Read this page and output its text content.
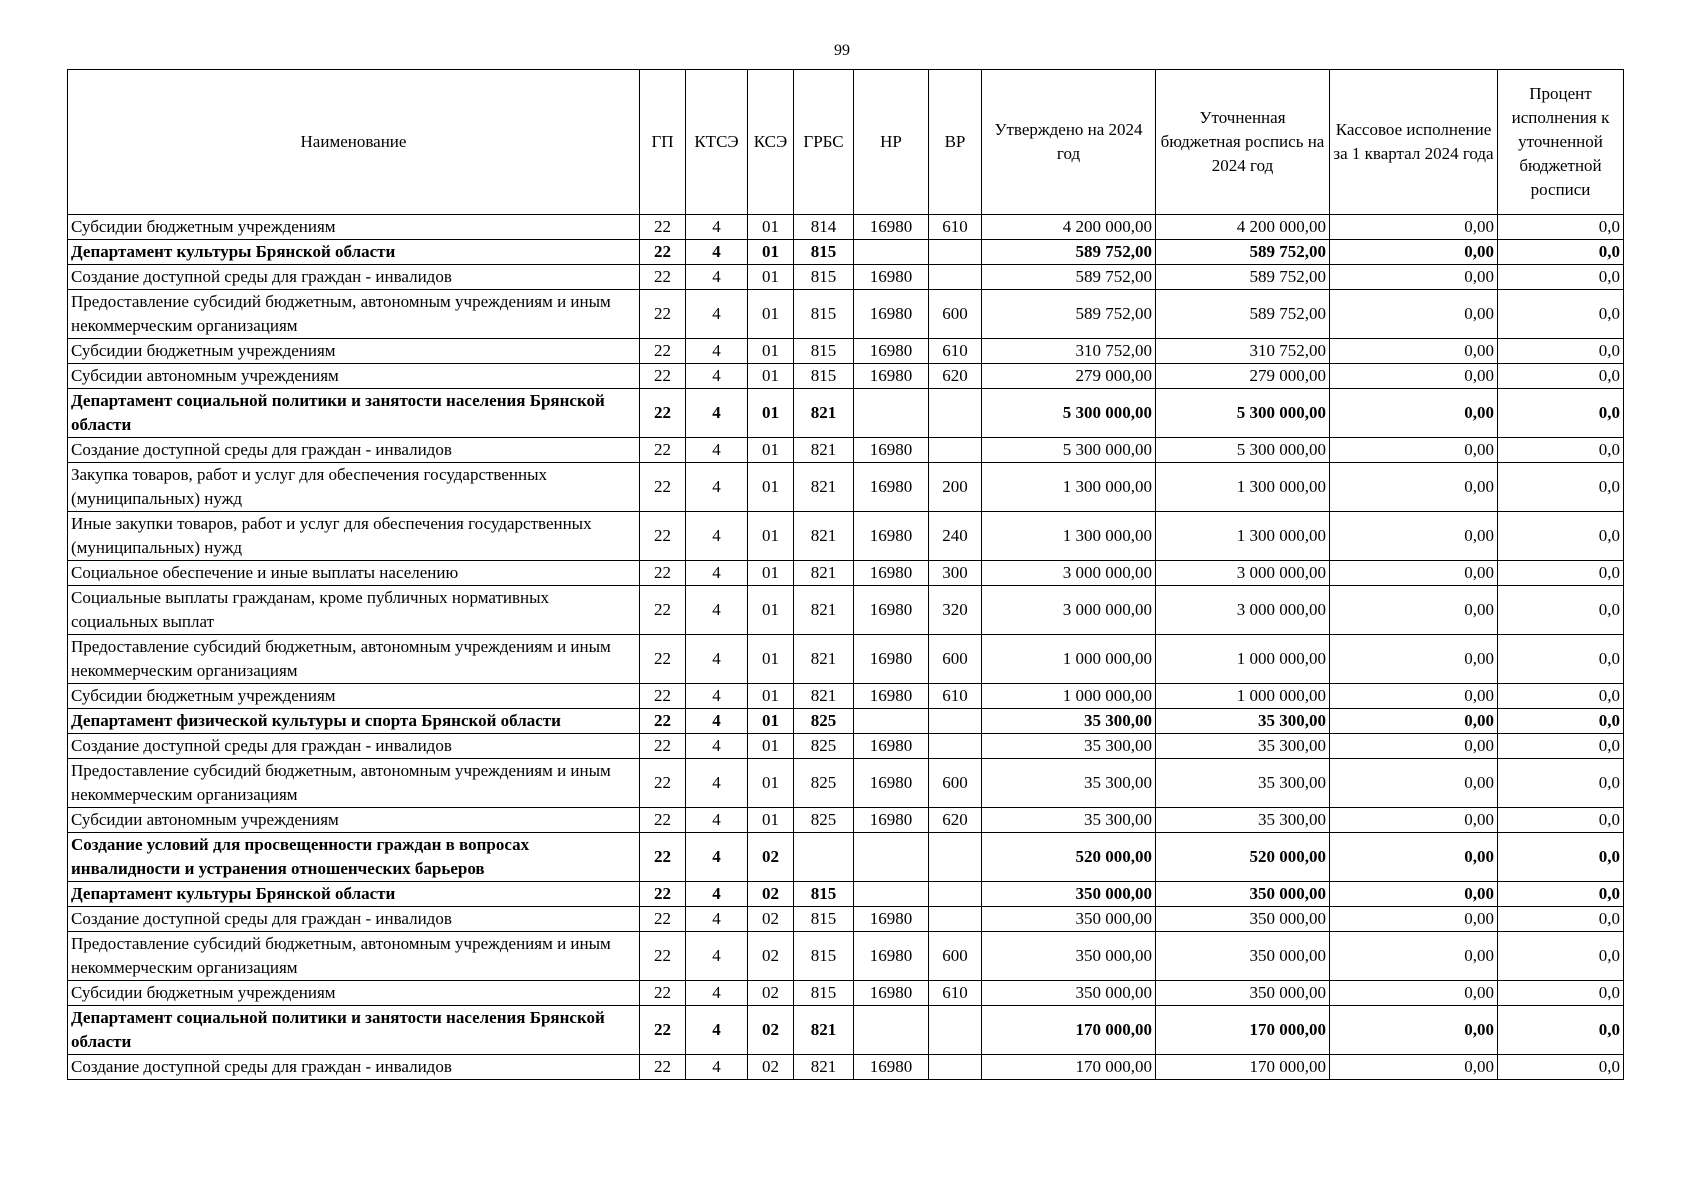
99
Наименование	ГП	КТСЭ	КСЭ	ГРБС	НР	ВР	Утверждено на 2024 год	Уточненная бюджетная роспись на 2024 год	Кассовое исполнение за 1 квартал 2024 года	Процент исполнения к уточненной бюджетной росписи
Субсидии бюджетным учреждениям	22	4	01	814	16980	610	4 200 000,00	4 200 000,00	0,00	0,0
Департамент культуры Брянской области	22	4	01	815			589 752,00	589 752,00	0,00	0,0
Создание доступной среды для граждан - инвалидов	22	4	01	815	16980		589 752,00	589 752,00	0,00	0,0
Предоставление субсидий бюджетным, автономным учреждениям и иным некоммерческим организациям	22	4	01	815	16980	600	589 752,00	589 752,00	0,00	0,0
Субсидии бюджетным учреждениям	22	4	01	815	16980	610	310 752,00	310 752,00	0,00	0,0
Субсидии автономным учреждениям	22	4	01	815	16980	620	279 000,00	279 000,00	0,00	0,0
Департамент социальной политики и занятости населения Брянской области	22	4	01	821			5 300 000,00	5 300 000,00	0,00	0,0
Создание доступной среды для граждан - инвалидов	22	4	01	821	16980		5 300 000,00	5 300 000,00	0,00	0,0
Закупка товаров, работ и услуг для обеспечения государственных (муниципальных) нужд	22	4	01	821	16980	200	1 300 000,00	1 300 000,00	0,00	0,0
Иные закупки товаров, работ и услуг для обеспечения государственных (муниципальных) нужд	22	4	01	821	16980	240	1 300 000,00	1 300 000,00	0,00	0,0
Социальное обеспечение и иные выплаты населению	22	4	01	821	16980	300	3 000 000,00	3 000 000,00	0,00	0,0
Социальные выплаты гражданам, кроме публичных нормативных социальных выплат	22	4	01	821	16980	320	3 000 000,00	3 000 000,00	0,00	0,0
Предоставление субсидий бюджетным, автономным учреждениям и иным некоммерческим организациям	22	4	01	821	16980	600	1 000 000,00	1 000 000,00	0,00	0,0
Субсидии бюджетным учреждениям	22	4	01	821	16980	610	1 000 000,00	1 000 000,00	0,00	0,0
Департамент физической культуры и спорта Брянской области	22	4	01	825			35 300,00	35 300,00	0,00	0,0
Создание доступной среды для граждан - инвалидов	22	4	01	825	16980		35 300,00	35 300,00	0,00	0,0
Предоставление субсидий бюджетным, автономным учреждениям и иным некоммерческим организациям	22	4	01	825	16980	600	35 300,00	35 300,00	0,00	0,0
Субсидии автономным учреждениям	22	4	01	825	16980	620	35 300,00	35 300,00	0,00	0,0
Создание условий для просвещенности граждан в вопросах инвалидности и устранения отношенческих барьеров	22	4	02				520 000,00	520 000,00	0,00	0,0
Департамент культуры Брянской области	22	4	02	815			350 000,00	350 000,00	0,00	0,0
Создание доступной среды для граждан - инвалидов	22	4	02	815	16980		350 000,00	350 000,00	0,00	0,0
Предоставление субсидий бюджетным, автономным учреждениям и иным некоммерческим организациям	22	4	02	815	16980	600	350 000,00	350 000,00	0,00	0,0
Субсидии бюджетным учреждениям	22	4	02	815	16980	610	350 000,00	350 000,00	0,00	0,0
Департамент социальной политики и занятости населения Брянской области	22	4	02	821			170 000,00	170 000,00	0,00	0,0
Создание доступной среды для граждан - инвалидов	22	4	02	821	16980		170 000,00	170 000,00	0,00	0,0
